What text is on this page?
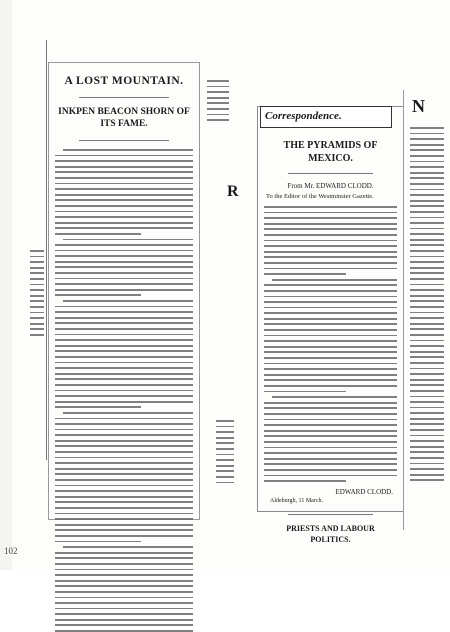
A LOST MOUNTAIN.
INKPEN BEACON SHORN OF ITS FAME.
R
THE PYRAMIDS OF MEXICO.
From Mr. EDWARD CLODD.
To the Editor of the Westminster Gazette.
EDWARD CLODD.
Aldeburgh, 11 March.
PRIESTS AND LABOUR POLITICS.
Correspondence.	N
102
